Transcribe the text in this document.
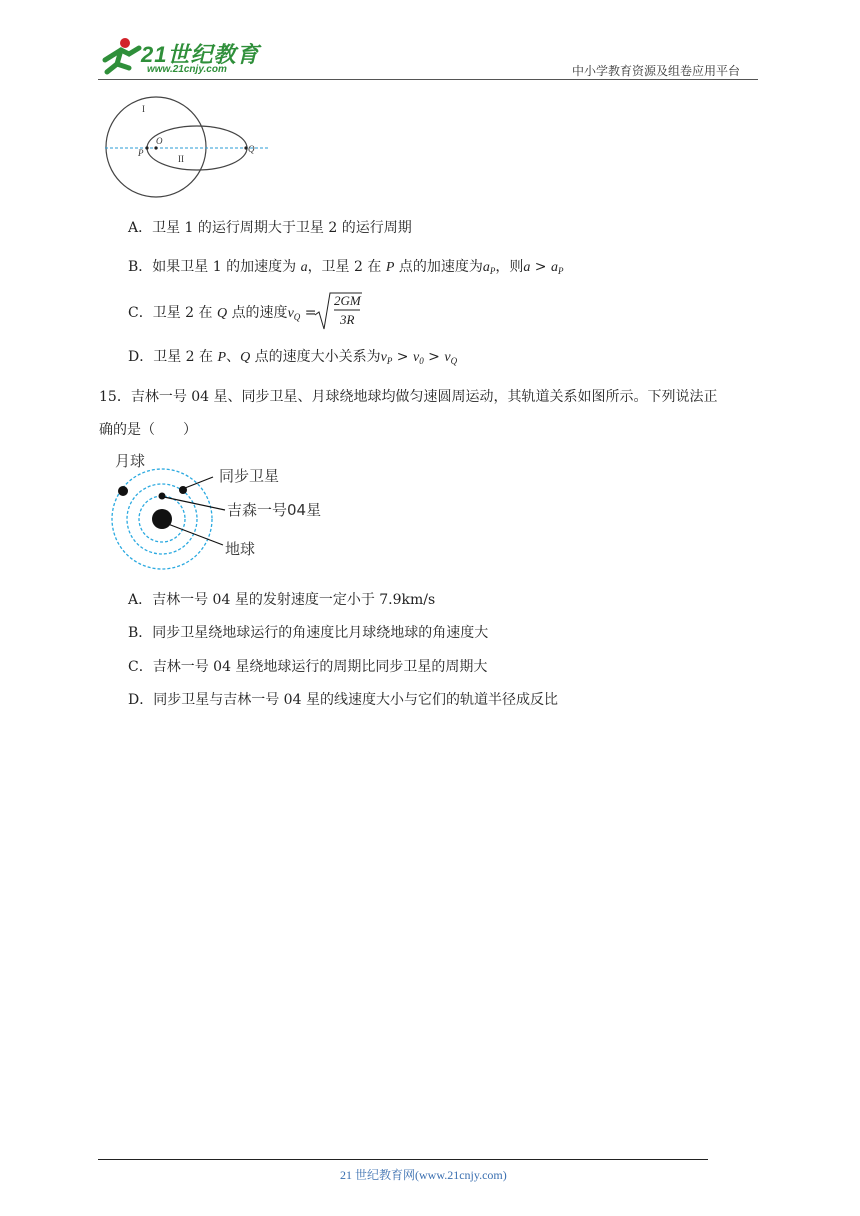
21世纪教育
www.21cnjy.com	中小学教育资源及组卷应用平台
I
II
O
P	Q
A．卫星 1 的运行周期大于卫星 2 的运行周期
B．如果卫星 1 的加速度为 a，卫星 2 在 P 点的加速度为$a_P$，则$a > a_P$
C．卫星 2 在 Q 点的速度$v_Q$ =
2GM
3R
D．卫星 2 在 P、Q 点的速度大小关系为$v_P > v_0 > v_Q$
15．吉林一号 04 星、同步卫星、月球绕地球均做匀速圆周运动，其轨道关系如图所示。下列说法正
确的是（　　）
月球
同步卫星
吉森一号04星
地球
A．吉林一号 04 星的发射速度一定小于 7.9km/s
B．同步卫星绕地球运行的角速度比月球绕地球的角速度大
C．吉林一号 04 星绕地球运行的周期比同步卫星的周期大
D．同步卫星与吉林一号 04 星的线速度大小与它们的轨道半径成反比
21 世纪教育网(www.21cnjy.com)
